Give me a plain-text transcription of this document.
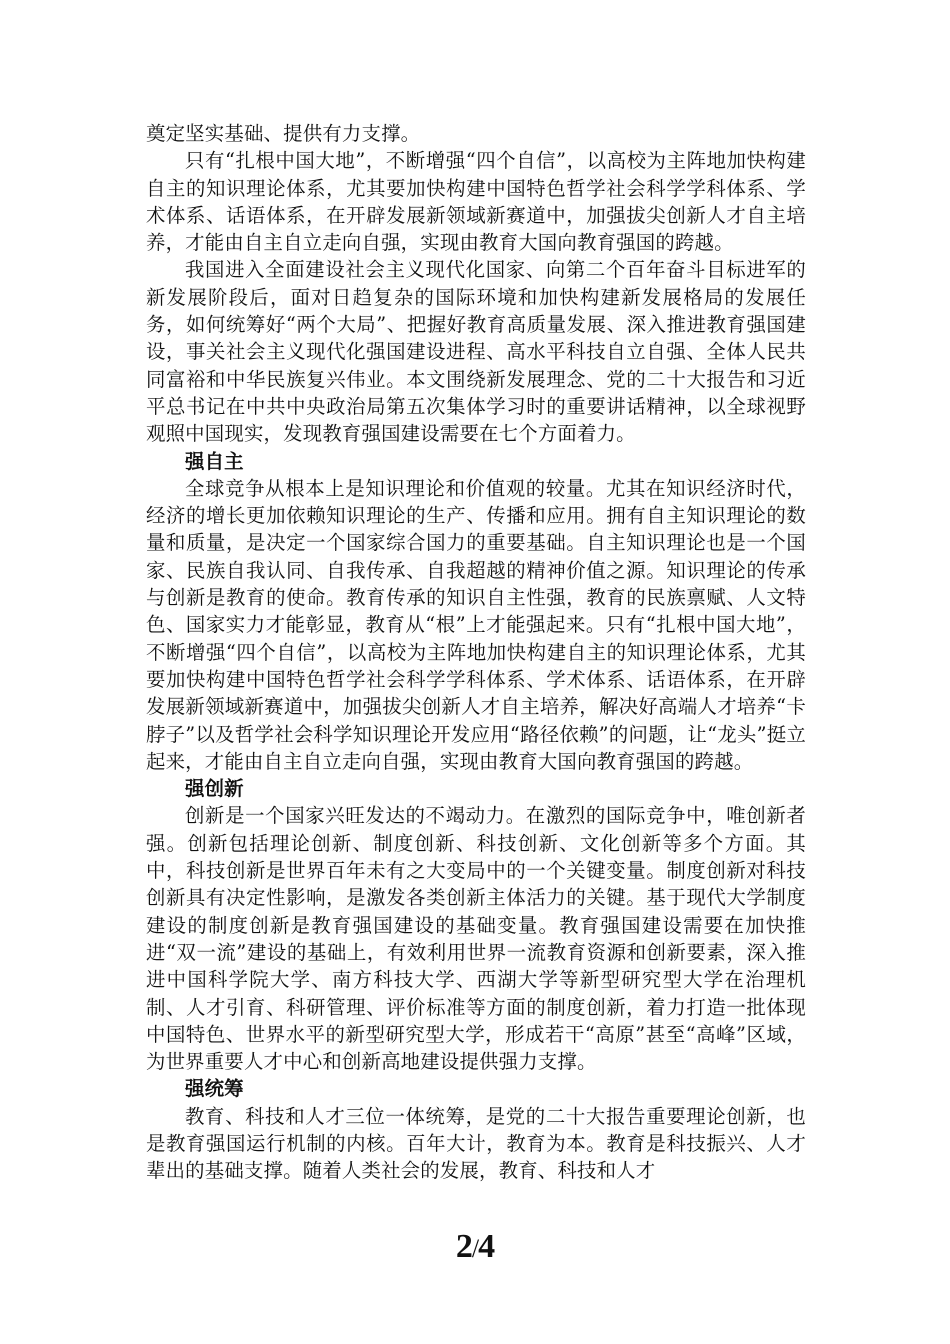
奠定坚实基础、提供有力支撑。

只有“扎根中国大地”，不断增强“四个自信”，以高校为主阵地加快构建自主的知识理论体系，尤其要加快构建中国特色哲学社会科学学科体系、学术体系、话语体系，在开辟发展新领域新赛道中，加强拔尖创新人才自主培养，才能由自主自立走向自强，实现由教育大国向教育强国的跨越。

我国进入全面建设社会主义现代化国家、向第二个百年奋斗目标进军的新发展阶段后，面对日趋复杂的国际环境和加快构建新发展格局的发展任务，如何统筹好“两个大局”、把握好教育高质量发展、深入推进教育强国建设，事关社会主义现代化强国建设进程、高水平科技自立自强、全体人民共同富裕和中华民族复兴伟业。本文围绕新发展理念、党的二十大报告和习近平总书记在中共中央政治局第五次集体学习时的重要讲话精神，以全球视野观照中国现实，发现教育强国建设需要在七个方面着力。

强自主

全球竞争从根本上是知识理论和价值观的较量。尤其在知识经济时代，经济的增长更加依赖知识理论的生产、传播和应用。拥有自主知识理论的数量和质量，是决定一个国家综合国力的重要基础。自主知识理论也是一个国家、民族自我认同、自我传承、自我超越的精神价值之源。知识理论的传承与创新是教育的使命。教育传承的知识自主性强，教育的民族禀赋、人文特色、国家实力才能彰显，教育从“根”上才能强起来。只有“扎根中国大地”，不断增强“四个自信”，以高校为主阵地加快构建自主的知识理论体系，尤其要加快构建中国特色哲学社会科学学科体系、学术体系、话语体系，在开辟发展新领域新赛道中，加强拔尖创新人才自主培养，解决好高端人才培养“卡脖子”以及哲学社会科学知识理论开发应用“路径依赖”的问题，让“龙头”挺立起来，才能由自主自立走向自强，实现由教育大国向教育强国的跨越。

强创新

创新是一个国家兴旺发达的不竭动力。在激烈的国际竞争中，唯创新者强。创新包括理论创新、制度创新、科技创新、文化创新等多个方面。其中，科技创新是世界百年未有之大变局中的一个关键变量。制度创新对科技创新具有决定性影响，是激发各类创新主体活力的关键。基于现代大学制度建设的制度创新是教育强国建设的基础变量。教育强国建设需要在加快推进“双一流”建设的基础上，有效利用世界一流教育资源和创新要素，深入推进中国科学院大学、南方科技大学、西湖大学等新型研究型大学在治理机制、人才引育、科研管理、评价标准等方面的制度创新，着力打造一批体现中国特色、世界水平的新型研究型大学，形成若干“高原”甚至“高峰”区域，为世界重要人才中心和创新高地建设提供强力支撑。

强统筹

教育、科技和人才三位一体统筹，是党的二十大报告重要理论创新，也是教育强国运行机制的内核。百年大计，教育为本。教育是科技振兴、人才辈出的基础支撑。随着人类社会的发展，教育、科技和人才

2/4
